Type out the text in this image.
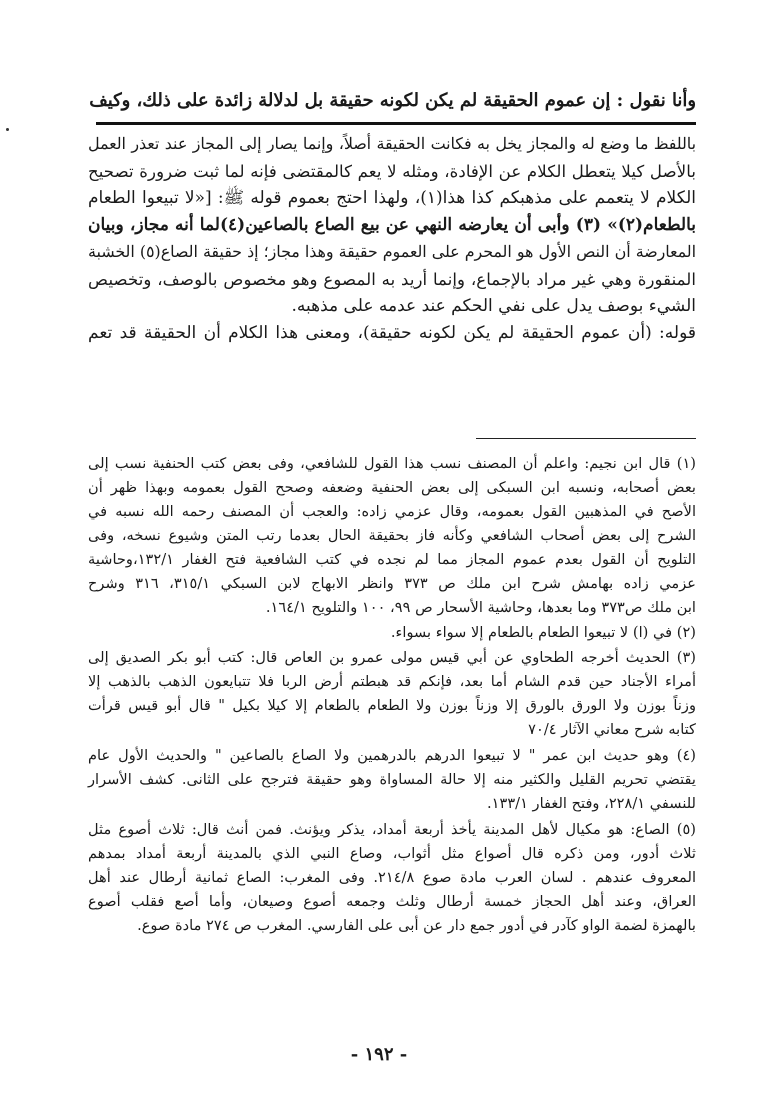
وأنا نقول : إن عموم الحقيقة لم يكن لكونه حقيقة بل لدلالة زائدة على ذلك، وكيف
باللفظ ما وضع له والمجاز يخل به فكانت الحقيقة أصلاً، وإنما يصار إلى المجاز عند تعذر العمل
بالأصل كيلا يتعطل الكلام عن الإفادة، ومثله لا يعم كالمقتضى فإنه لما ثبت ضرورة تصحيح
الكلام لا يتعمم على مذهبكم كذا هذا(١)، ولهذا احتج بعموم قوله ﷺ: [«لا تبيعوا الطعام
بالطعام(٢)» (٣) وأبى أن يعارضه النهي عن بيع الصاع بالصاعين(٤)لما أنه مجاز، وبيان
المعارضة أن النص الأول هو المحرم على العموم حقيقة وهذا مجاز؛ إذ حقيقة الصاع(٥) الخشبة
المنقورة وهي غير مراد بالإجماع، وإنما أريد به المصوع وهو مخصوص بالوصف، وتخصيص
الشيء بوصف يدل على نفي الحكم عند عدمه على مذهبه.
قوله: (أن عموم الحقيقة لم يكن لكونه حقيقة)، ومعنى هذا الكلام أن الحقيقة قد تعم
(١) قال ابن نجيم: واعلم أن المصنف نسب هذا القول للشافعي، وفى بعض كتب الحنفية نسب إلى
بعض أصحابه، ونسبه ابن السبكى إلى بعض الحنفية وضعفه وصحح القول بعمومه وبهذا ظهر أن
الأصح في المذهبين القول بعمومه، وقال عزمي زاده: والعجب أن المصنف رحمه الله نسبه في
الشرح إلى بعض أصحاب الشافعي وكأنه فاز بحقيقة الحال بعدما رتب المتن وشيوع نسخه، وفى
التلويح أن القول بعدم عموم المجاز مما لم نجده في كتب الشافعية فتح الغفار ١٣٢/١،وحاشية
عزمي زاده بهامش شرح ابن ملك ص ٣٧٣ وانظر الابهاج لابن السبكي ٣١٥/١، ٣١٦ وشرح
ابن ملك ص٣٧٣ وما بعدها، وحاشية الأسحار ص ٩٩، ١٠٠ والتلويح ١٦٤/١.
(٢) في (ا) لا تبيعوا الطعام بالطعام إلا سواء بسواء.
(٣) الحديث أخرجه الطحاوي عن أبي قيس مولى عمرو بن العاص قال: كتب أبو بكر الصديق إلى
أمراء الأجناد حين قدم الشام أما بعد، فإنكم قد هبطتم أرض الربا فلا تتبايعون الذهب بالذهب إلا
وزناً بوزن ولا الورق بالورق إلا وزناً بوزن ولا الطعام بالطعام إلا كيلا بكيل " قال أبو قيس قرأت
كتابه شرح معاني الآثار ٧٠/٤
(٤) وهو حديث ابن عمر " لا تبيعوا الدرهم بالدرهمين ولا الصاع بالصاعين " والحديث الأول عام
يقتضي تحريم القليل والكثير منه إلا حالة المساواة وهو حقيقة فترجح على الثانى. كشف الأسرار
للنسفي ٢٢٨/١، وفتح الغفار ١٣٣/١.
(٥) الصاع: هو مكيال لأهل المدينة يأخذ أربعة أمداد، يذكر ويؤنث. فمن أنث قال: ثلاث أصوع مثل
ثلاث أدور، ومن ذكره قال أصواع مثل أثواب، وصاع النبي الذي بالمدينة أربعة أمداد بمدهم
المعروف عندهم . لسان العرب مادة صوع ٢١٤/٨. وفى المغرب: الصاع ثمانية أرطال عند أهل
العراق، وعند أهل الحجاز خمسة أرطال وثلث وجمعه أصوع وصيعان، وأما أصع فقلب أصوع
بالهمزة لضمة الواو كآدر في أدور جمع دار عن أبى على الفارسي. المغرب ص ٢٧٤ مادة صوع.
- ١٩٢ -
